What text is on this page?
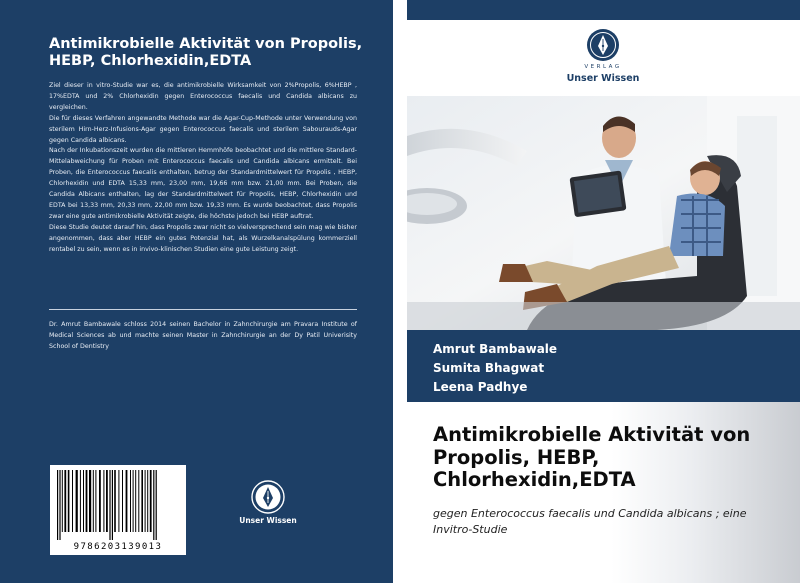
Antimikrobielle Aktivität von Propolis, HEBP, Chlorhexidin,EDTA

Ziel dieser in vitro-Studie war es, die antimikrobielle Wirksamkeit von 2%Propolis, 6%HEBP , 17%EDTA und 2% Chlorhexidin gegen Enterococcus faecalis und Candida albicans zu vergleichen.

Die für dieses Verfahren angewandte Methode war die Agar-Cup-Methode unter Verwendung von sterilem Hirn-Herz-Infusions-Agar gegen Enterococcus faecalis und sterilem Sabourauds-Agar gegen Candida albicans.

Nach der Inkubationszeit wurden die mittleren Hemmhöfe beobachtet und die mittlere Standard-Mittelabweichung für Proben mit Enterococcus faecalis und Candida albicans ermittelt. Bei Proben, die Enterococcus faecalis enthalten, betrug der Standardmittelwert für Propolis , HEBP, Chlorhexidin und EDTA 15,33 mm, 23,00 mm, 19,66 mm bzw. 21,00 mm. Bei Proben, die Candida Albicans enthalten, lag der Standardmittelwert für Propolis, HEBP, Chlorhexidin und EDTA bei 13,33 mm, 20,33 mm, 22,00 mm bzw. 19,33 mm. Es wurde beobachtet, dass Propolis zwar eine gute antimikrobielle Aktivität zeigte, die höchste jedoch bei HEBP auftrat.

Diese Studie deutet darauf hin, dass Propolis zwar nicht so vielversprechend sein mag wie bisher angenommen, dass aber HEBP ein gutes Potenzial hat, als Wurzelkanalspülung kommerziell rentabel zu sein, wenn es in invivo-klinischen Studien eine gute Leistung zeigt.

Dr. Amrut Bambawale schloss 2014 seinen Bachelor in Zahnchirurgie am Pravara Institute of Medical Sciences ab und machte seinen Master in Zahnchirurgie an der Dy Patil Univerisity School of Dentistry
9786203139013
Unser Wissen
VERLAG
Unser Wissen
Amrut Bambawale
Sumita Bhagwat
Leena Padhye
Antimikrobielle Aktivität von Propolis, HEBP, Chlorhexidin,EDTA
gegen Enterococcus faecalis und Candida albicans ; eine Invitro-Studie
